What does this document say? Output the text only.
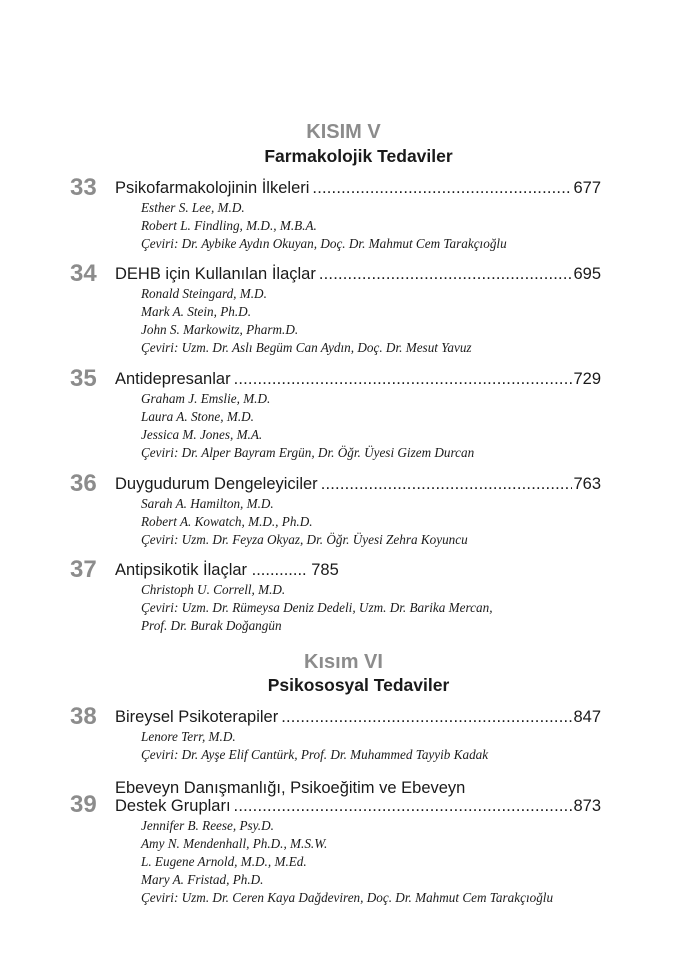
KISIM V
Farmakolojik Tedaviler
33 Psikofarmakolojinin İlkeleri .....	677
Esther S. Lee, M.D.
Robert L. Findling, M.D., M.B.A.
Çeviri: Dr. Aybike Aydın Okuyan, Doç. Dr. Mahmut Cem Tarakçıoğlu
34 DEHB için Kullanılan İlaçlar .....	695
Ronald Steingard, M.D.
Mark A. Stein, Ph.D.
John S. Markowitz, Pharm.D.
Çeviri: Uzm. Dr. Aslı Begüm Can Aydın, Doç. Dr. Mesut Yavuz
35 Antidepresanlar .....	729
Graham J. Emslie, M.D.
Laura A. Stone, M.D.
Jessica M. Jones, M.A.
Çeviri: Dr. Alper Bayram Ergün, Dr. Öğr. Üyesi Gizem Durcan
36 Duygudurum Dengeleyiciler .....	763
Sarah A. Hamilton, M.D.
Robert A. Kowatch, M.D., Ph.D.
Çeviri: Uzm. Dr. Feyza Okyaz, Dr. Öğr. Üyesi Zehra Koyuncu
37 Antipsikotik İlaçlar ............ 785
Christoph U. Correll, M.D.
Çeviri: Uzm. Dr. Rümeysa Deniz Dedeli, Uzm. Dr. Barika Mercan,
Prof. Dr. Burak Doğangün
Kısım VI
Psikososyal Tedaviler
38 Bireysel Psikoterapiler .....	847
Lenore Terr, M.D.
Çeviri: Dr. Ayşe Elif Cantürk, Prof. Dr. Muhammed Tayyib Kadak
Ebeveyn Danışmanlığı, Psikoeğitim ve Ebeveyn
39 Destek Grupları .....	873
Jennifer B. Reese, Psy.D.
Amy N. Mendenhall, Ph.D., M.S.W.
L. Eugene Arnold, M.D., M.Ed.
Mary A. Fristad, Ph.D.
Çeviri: Uzm. Dr. Ceren Kaya Dağdeviren, Doç. Dr. Mahmut Cem Tarakçıoğlu
